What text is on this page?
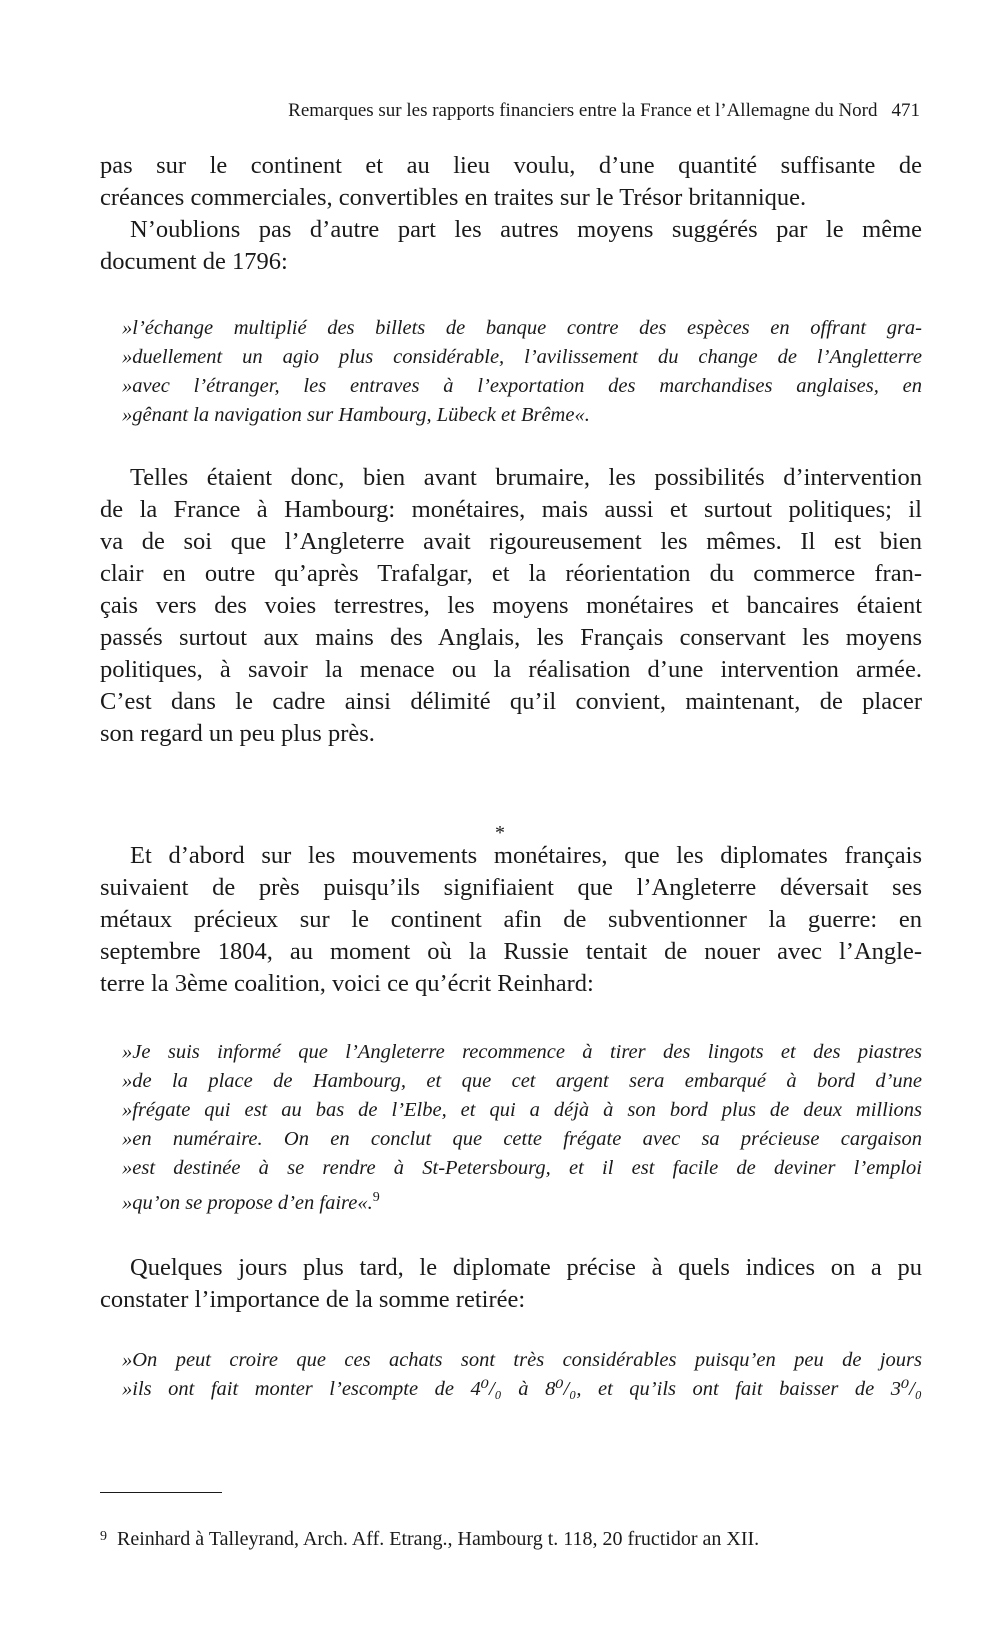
Remarques sur les rapports financiers entre la France et l’Allemagne du Nord 471

pas sur le continent et au lieu voulu, d’une quantité suffisante de
créances commerciales, convertibles en traites sur le Trésor britannique.

N’oublions pas d’autre part les autres moyens suggérés par le même
document de 1796:

»l’échange multiplié des billets de banque contre des espèces en offrant gra-
»duellement un agio plus considérable, l’avilissement du change de l’Angletterre
»avec l’étranger, les entraves à l’exportation des marchandises anglaises, en
»gênant la navigation sur Hambourg, Lübeck et Brême«.

Telles étaient donc, bien avant brumaire, les possibilités d’intervention
de la France à Hambourg: monétaires, mais aussi et surtout politiques; il
va de soi que l’Angleterre avait rigoureusement les mêmes. Il est bien
clair en outre qu’après Trafalgar, et la réorientation du commerce fran-
çais vers des voies terrestres, les moyens monétaires et bancaires étaient
passés surtout aux mains des Anglais, les Français conservant les moyens
politiques, à savoir la menace ou la réalisation d’une intervention armée.
C’est dans le cadre ainsi délimité qu’il convient, maintenant, de placer
son regard un peu plus près.

*

Et d’abord sur les mouvements monétaires, que les diplomates français
suivaient de près puisqu’ils signifiaient que l’Angleterre déversait ses
métaux précieux sur le continent afin de subventionner la guerre: en
septembre 1804, au moment où la Russie tentait de nouer avec l’Angle-
terre la 3ème coalition, voici ce qu’écrit Reinhard:

»Je suis informé que l’Angleterre recommence à tirer des lingots et des piastres
»de la place de Hambourg, et que cet argent sera embarqué à bord d’une
»frégate qui est au bas de l’Elbe, et qui a déjà à son bord plus de deux millions
»en numéraire. On en conclut que cette frégate avec sa précieuse cargaison
»est destinée à se rendre à St-Petersbourg, et il est facile de deviner l’emploi
»qu’on se propose d’en faire«.$^9$

Quelques jours plus tard, le diplomate précise à quels indices on a pu
constater l’importance de la somme retirée:

»On peut croire que ces achats sont très considérables puisqu’en peu de jours
»ils ont fait monter l’escompte de 4⁰/₀ à 8⁰/₀, et qu’ils ont fait baisser de 3⁰/₀

$^9$ Reinhard à Talleyrand, Arch. Aff. Etrang., Hambourg t. 118, 20 fructidor an XII.
